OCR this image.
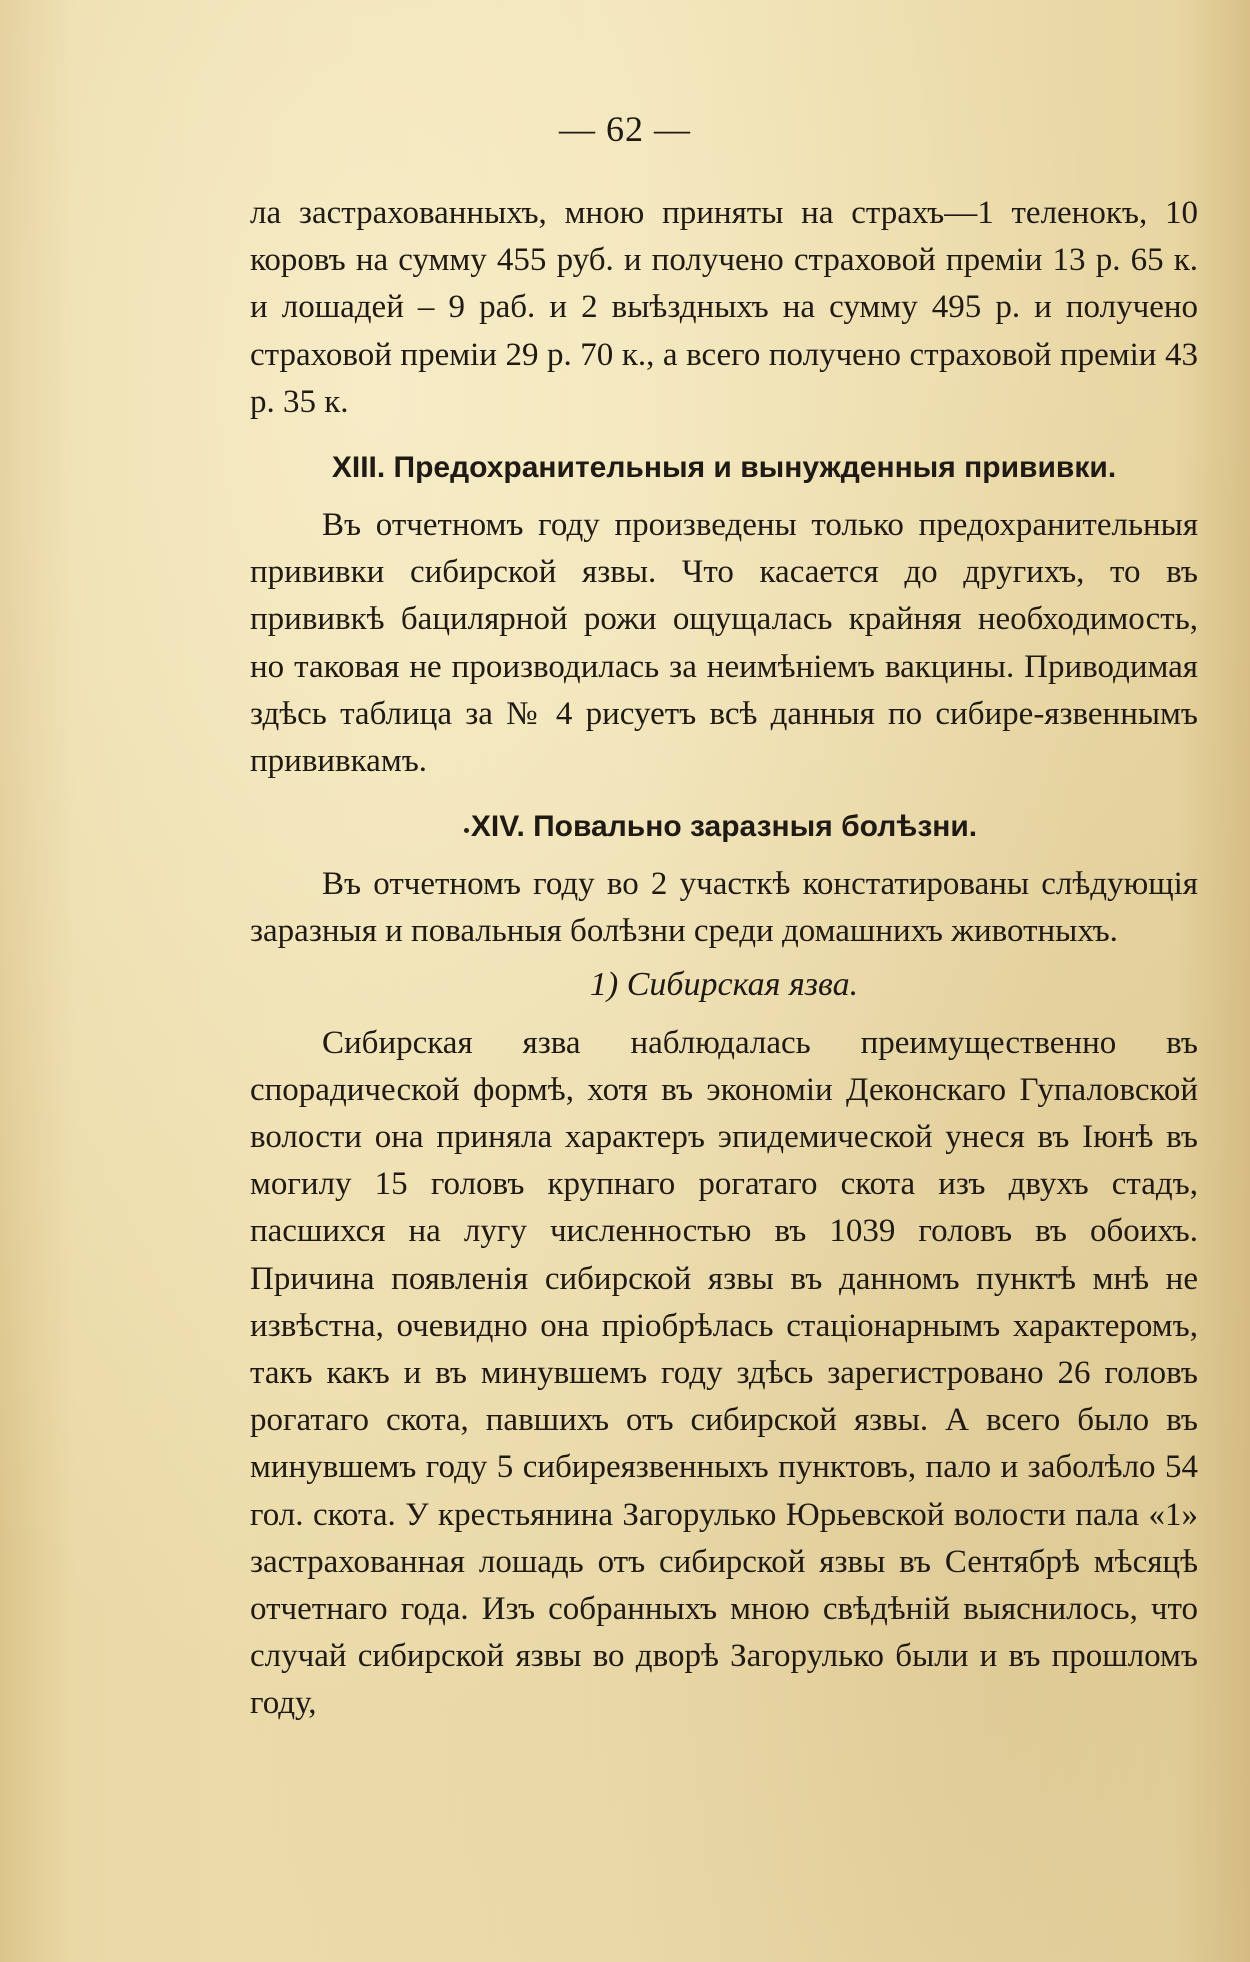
— 62 —

ла застрахованныхъ, мною приняты на страхъ—1 теленокъ, 10 коровъ на сумму 455 руб. и получено страховой преміи 13 р. 65 к. и лошадей – 9 раб. и 2 выѣздныхъ на сумму 495 р. и получено страховой преміи 29 р. 70 к., а всего получено страховой преміи 43 р. 35 к.

XIII. Предохранительныя и вынужденныя прививки.

Въ отчетномъ году произведены только предохранительныя прививки сибирской язвы. Что касается до другихъ, то въ прививкѣ бацилярной рожи ощущалась крайняя необходимость, но таковая не производилась за неимѣніемъ вакцины. Приводимая здѣсь таблица за № 4 рисуетъ всѣ данныя по сибире-язвеннымъ прививкамъ.

XIV. Повально заразныя болѣзни.

Въ отчетномъ году во 2 участкѣ констатированы слѣдующія заразныя и повальныя болѣзни среди домашнихъ животныхъ.

1) Сибирская язва.

Сибирская язва наблюдалась преимущественно въ спорадической формѣ, хотя въ экономіи Деконскаго Гупаловской волости она приняла характеръ эпидемической унеся въ Іюнѣ въ могилу 15 головъ крупнаго рогатаго скота изъ двухъ стадъ, пасшихся на лугу численностью въ 1039 головъ въ обоихъ. Причина появленія сибирской язвы въ данномъ пунктѣ мнѣ не извѣстна, очевидно она пріобрѣлась стаціонарнымъ характеромъ, такъ какъ и въ минувшемъ году здѣсь зарегистровано 26 головъ рогатаго скота, павшихъ отъ сибирской язвы. А всего было въ минувшемъ году 5 сибиреязвенныхъ пунктовъ, пало и заболѣло 54 гол. скота. У крестьянина Загорулько Юрьевской волости пала «1» застрахованная лошадь отъ сибирской язвы въ Сентябрѣ мѣсяцѣ отчетнаго года. Изъ собранныхъ мною свѣдѣній выяснилось, что случай сибирской язвы во дворѣ Загорулько были и въ прошломъ году,
